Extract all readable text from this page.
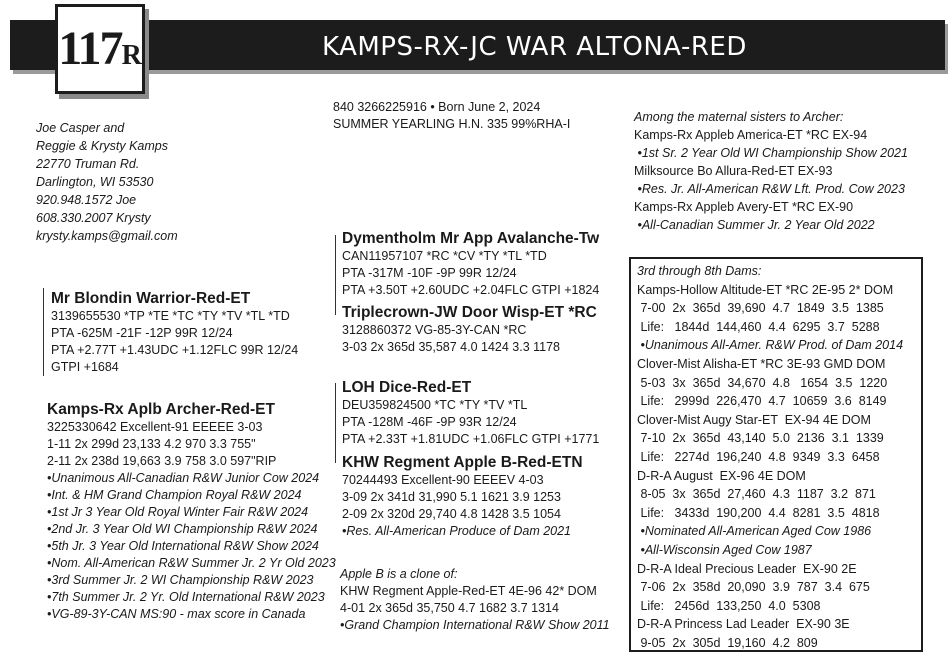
KAMPS-RX-JC WAR ALTONA-RED
117R
Joe Casper and
Reggie & Krysty Kamps
22770 Truman Rd.
Darlington, WI 53530
920.948.1572 Joe
608.330.2007 Krysty
krysty.kamps@gmail.com
840 3266225916 • Born June 2, 2024
SUMMER YEARLING H.N. 335 99%RHA-I
Mr Blondin Warrior-Red-ET
3139655530 *TP *TE *TC *TY *TV *TL *TD
PTA -625M -21F -12P 99R 12/24
PTA +2.77T +1.43UDC +1.12FLC 99R 12/24
GTPI +1684
Dymentholm Mr App Avalanche-Tw
CAN11957107 *RC *CV *TY *TL *TD
PTA -317M -10F -9P 99R 12/24
PTA +3.50T +2.60UDC +2.04FLC GTPI +1824
Triplecrown-JW Door Wisp-ET *RC
3128860372 VG-85-3Y-CAN *RC
3-03 2x 365d 35,587 4.0 1424 3.3 1178
Kamps-Rx Aplb Archer-Red-ET
3225330642 Excellent-91 EEEEE 3-03
1-11 2x 299d 23,133 4.2 970 3.3 755"
2-11 2x 238d 19,663 3.9 758 3.0 597"RIP
•Unanimous All-Canadian R&W Junior Cow 2024
•Int. & HM Grand Champion Royal R&W 2024
•1st Jr 3 Year Old Royal Winter Fair R&W 2024
•2nd Jr. 3 Year Old WI Championship R&W 2024
•5th Jr. 3 Year Old International R&W Show 2024
•Nom. All-American R&W Summer Jr. 2 Yr Old 2023
•3rd Summer Jr. 2 WI Championship R&W 2023
•7th Summer Jr. 2 Yr. Old International R&W 2023
•VG-89-3Y-CAN MS:90 - max score in Canada
LOH Dice-Red-ET
DEU359824500 *TC *TY *TV *TL
PTA -128M -46F -9P 93R 12/24
PTA +2.33T +1.81UDC +1.06FLC GTPI +1771
KHW Regment Apple B-Red-ETN
70244493 Excellent-90 EEEEV 4-03
3-09 2x 341d 31,990 5.1 1621 3.9 1253
2-09 2x 320d 29,740 4.8 1428 3.5 1054
•Res. All-American Produce of Dam 2021
Apple B is a clone of:
KHW Regment Apple-Red-ET 4E-96 42* DOM
4-01 2x 365d 35,750 4.7 1682 3.7 1314
•Grand Champion International R&W Show 2011
Among the maternal sisters to Archer:
Kamps-Rx Appleb America-ET *RC EX-94
•1st Sr. 2 Year Old WI Championship Show 2021
Milksource Bo Allura-Red-ET EX-93
•Res. Jr. All-American R&W Lft. Prod. Cow 2023
Kamps-Rx Appleb Avery-ET *RC EX-90
•All-Canadian Summer Jr. 2 Year Old 2022
3rd through 8th Dams:
Kamps-Hollow Altitude-ET *RC 2E-95 2* DOM
7-00  2x  365d  39,690  4.7  1849  3.5  1385
Life:   1844d  144,460  4.4  6295  3.7  5288
•Unanimous All-Amer. R&W Prod. of Dam 2014
Clover-Mist Alisha-ET *RC 3E-93 GMD DOM
5-03  3x  365d  34,670  4.8   1654  3.5  1220
Life:   2999d  226,470  4.7  10659  3.6  8149
Clover-Mist Augy Star-ET  EX-94 4E DOM
7-10  2x  365d  43,140  5.0  2136  3.1  1339
Life:   2274d  196,240  4.8  9349  3.3  6458
D-R-A August  EX-96 4E DOM
8-05  3x  365d  27,460  4.3  1187  3.2  871
Life:   3433d  190,200  4.4  8281  3.5  4818
•Nominated All-American Aged Cow 1986
•All-Wisconsin Aged Cow 1987
D-R-A Ideal Precious Leader  EX-90 2E
7-06  2x  358d  20,090  3.9  787  3.4  675
Life:   2456d  133,250  4.0  5308
D-R-A Princess Lad Leader  EX-90 3E
9-05  2x  305d  19,160  4.2  809
